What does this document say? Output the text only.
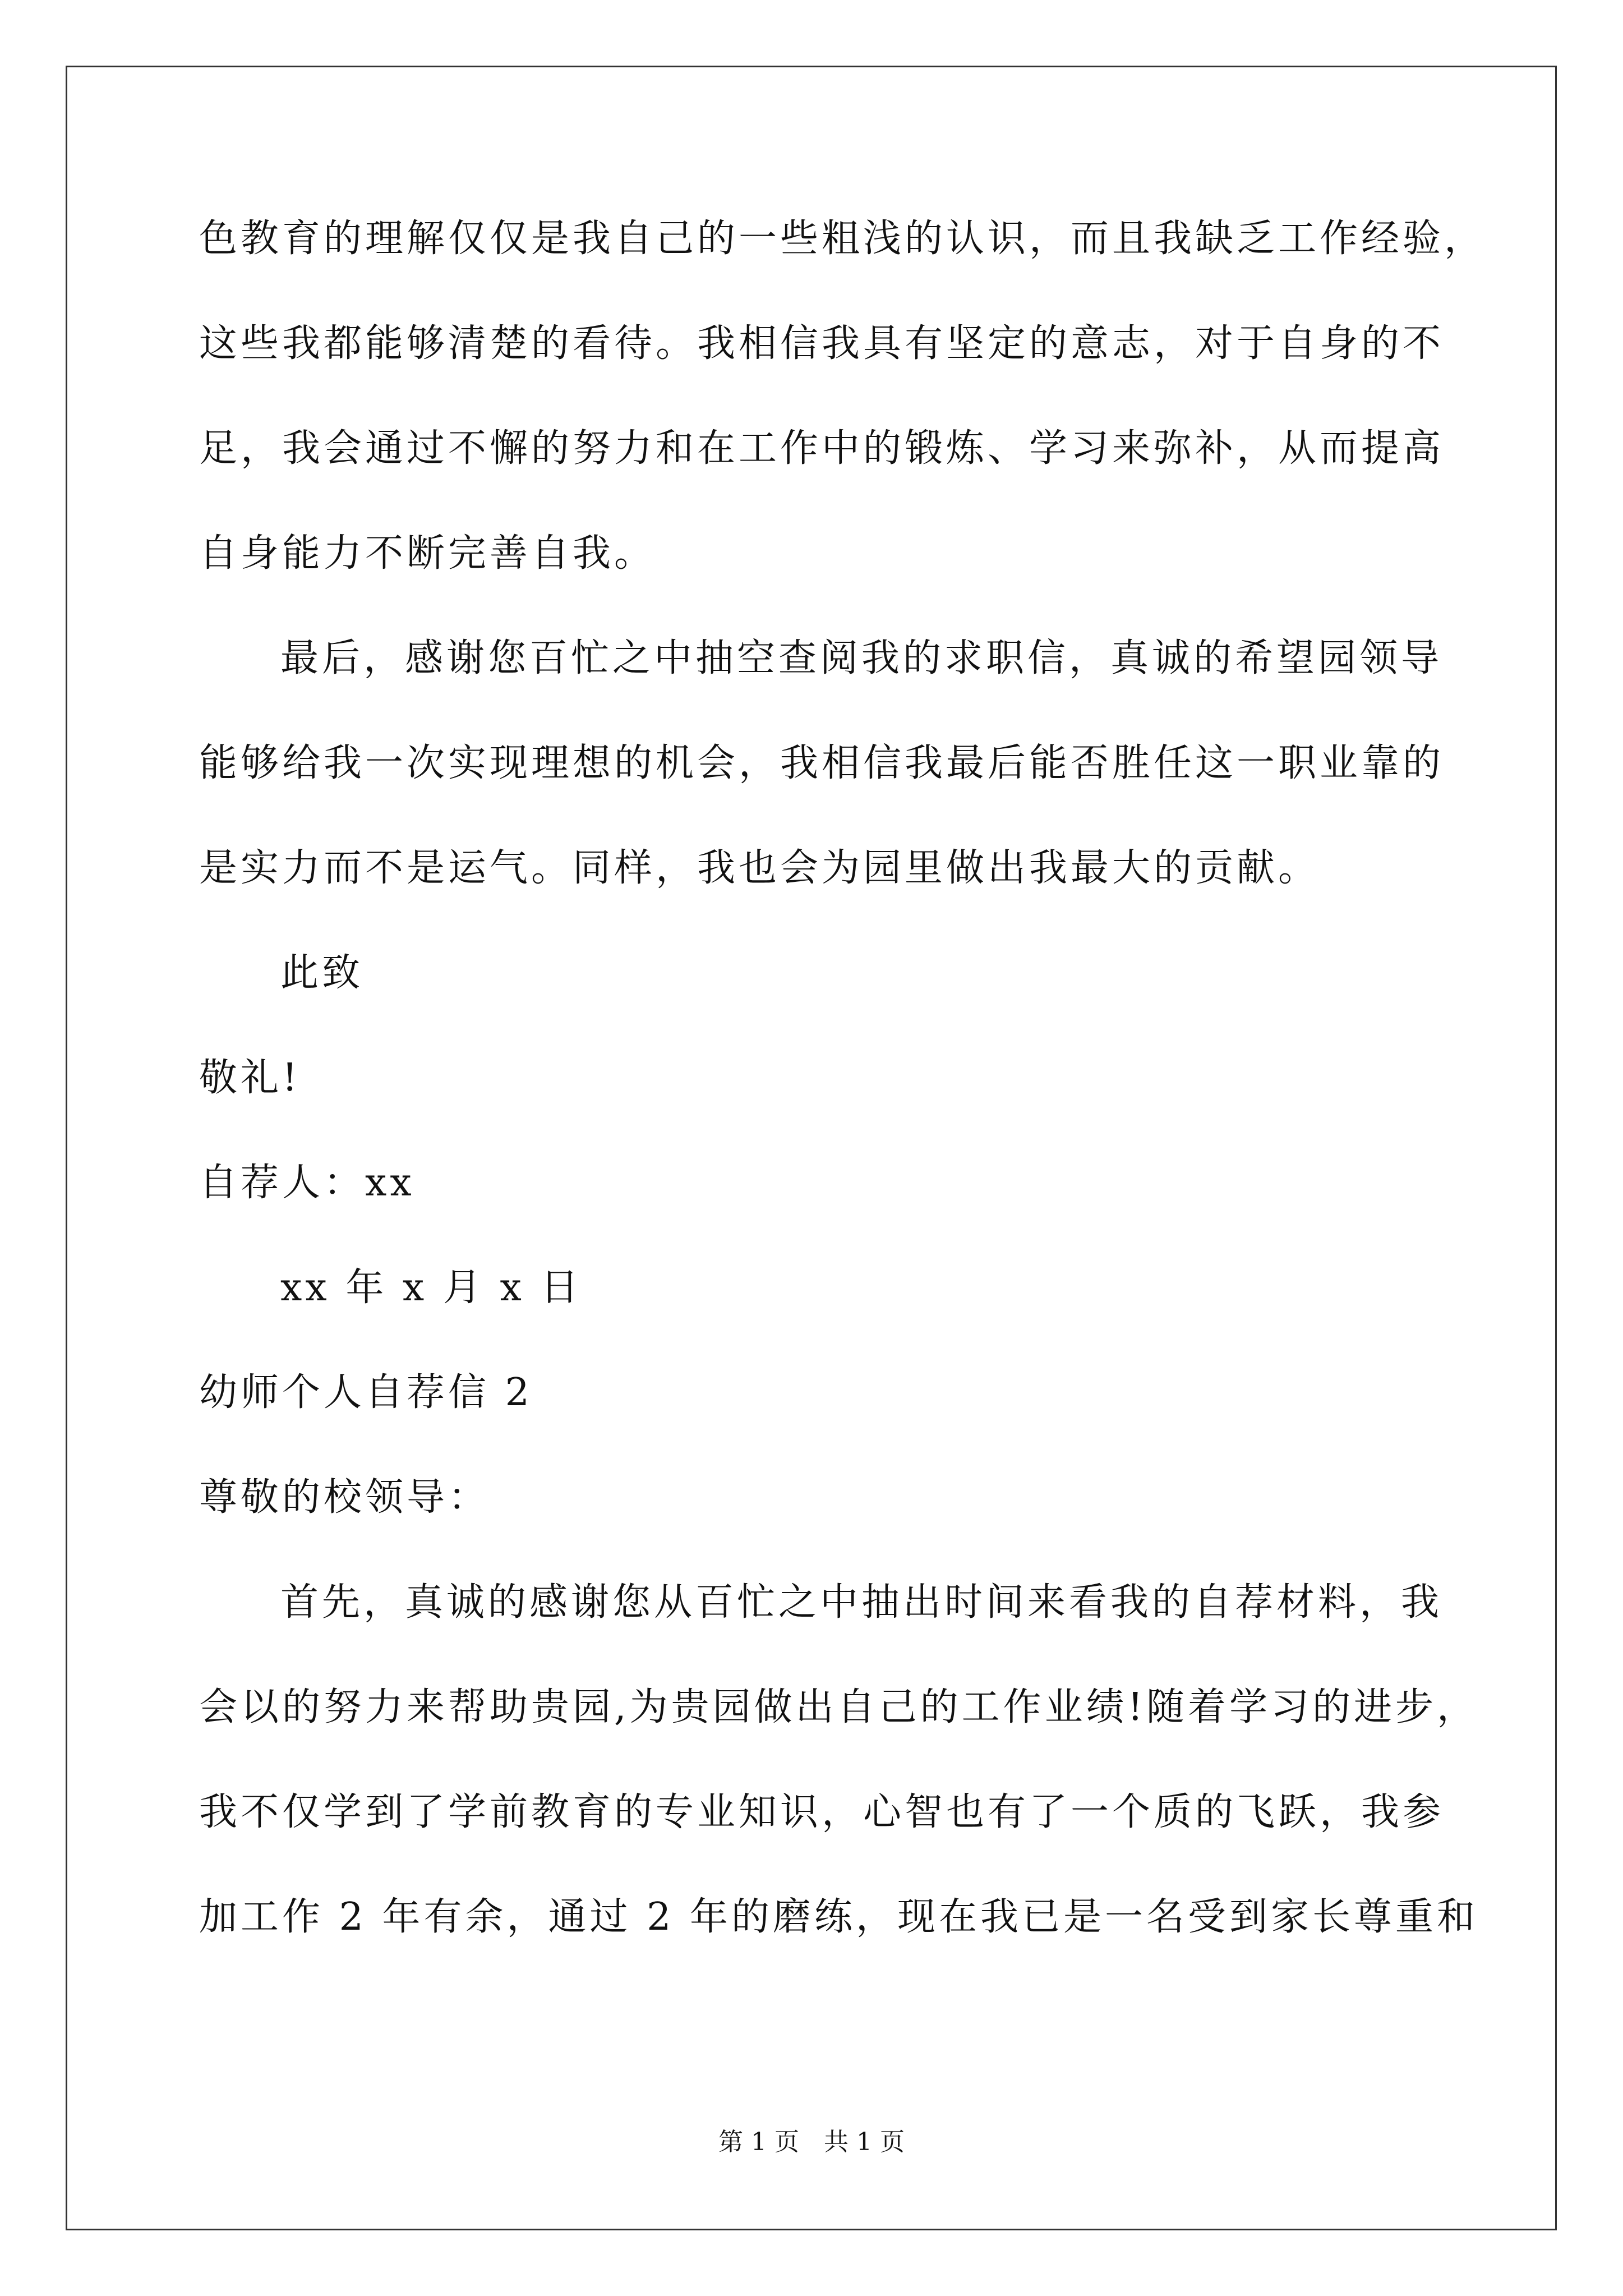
色教育的理解仅仅是我自己的一些粗浅的认识，而且我缺乏工作经验，
这些我都能够清楚的看待。我相信我具有坚定的意志，对于自身的不
足，我会通过不懈的努力和在工作中的锻炼、学习来弥补，从而提高
自身能力不断完善自我。
最后，感谢您百忙之中抽空查阅我的求职信，真诚的希望园领导
能够给我一次实现理想的机会，我相信我最后能否胜任这一职业靠的
是实力而不是运气。同样，我也会为园里做出我最大的贡献。
此致
敬礼!
自荐人：xx
xx 年 x 月 x 日
幼师个人自荐信 2
尊敬的校领导：
首先，真诚的感谢您从百忙之中抽出时间来看我的自荐材料，我
会以的努力来帮助贵园,为贵园做出自己的工作业绩!随着学习的进步，
我不仅学到了学前教育的专业知识，心智也有了一个质的飞跃，我参
加工作 2 年有余，通过 2 年的磨练，现在我已是一名受到家长尊重和
第 1 页　共 1 页
